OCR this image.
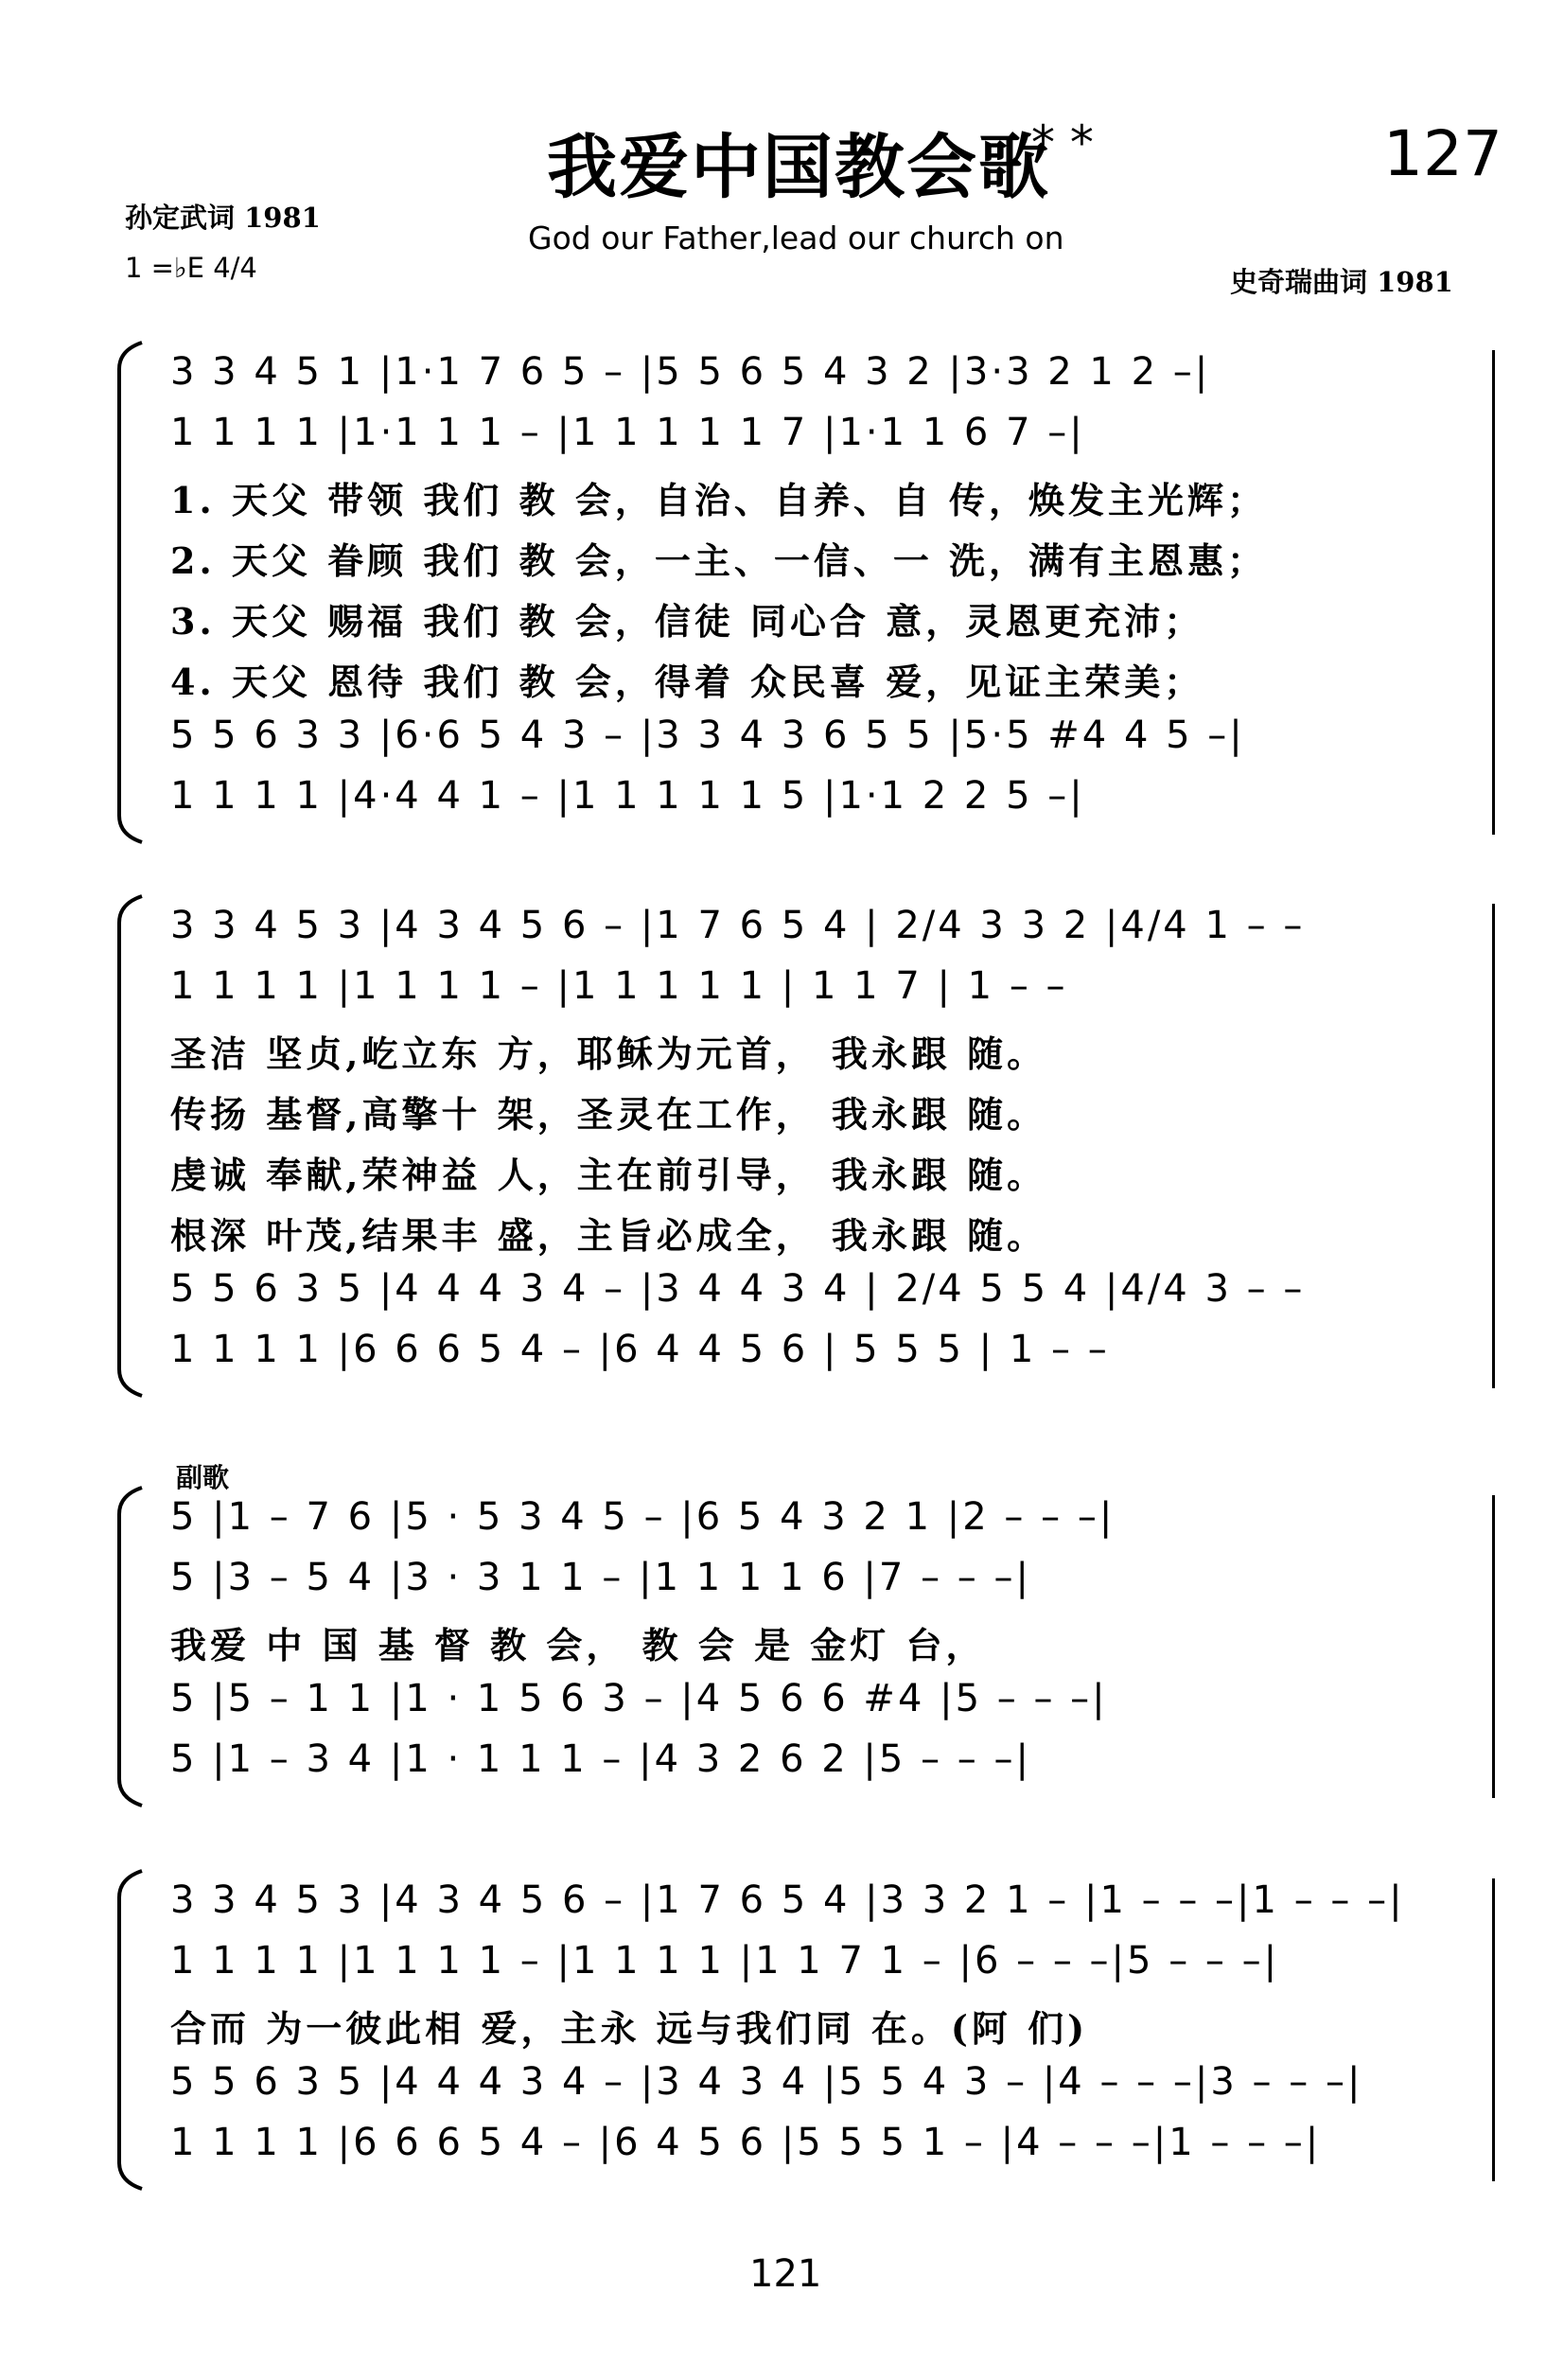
我爱中国教会歌
* *	127
God our Father,lead our church on
孙定武词 1981
1 =♭E 4/4	史奇瑞曲词 1981
副歌
121
3 3 4 5 1 |1·1 7 6 5 – |5 5 6 5 4 3 2 |3·3 2 1 2 –|
1 1 1 1 |1·1 1 1 – |1 1 1 1 1 7 |1·1 1 6 7 –|
1. 天父 带领 我们 教 会，自治、自养、自 传，焕发主光辉；
2. 天父 眷顾 我们 教 会，一主、一信、一 洗，满有主恩惠；
3. 天父 赐福 我们 教 会，信徒 同心合 意，灵恩更充沛；
4. 天父 恩待 我们 教 会，得着 众民喜 爱，见证主荣美；
5 5 6 3 3 |6·6 5 4 3 – |3 3 4 3 6 5 5 |5·5 #4 4 5 –|
1 1 1 1 |4·4 4 1 – |1 1 1 1 1 5 |1·1 2 2 5 –|
3 3 4 5 3 |4 3 4 5 6 – |1 7 6 5 4 | 2/4 3 3 2 |4/4 1 – –
1 1 1 1 |1 1 1 1 – |1 1 1 1 1 | 1 1 7 | 1 – –
圣洁 坚贞,屹立东 方，耶稣为元首， 我永跟 随。
传扬 基督,高擎十 架，圣灵在工作， 我永跟 随。
虔诚 奉献,荣神益 人，主在前引导， 我永跟 随。
根深 叶茂,结果丰 盛，主旨必成全， 我永跟 随。
5 5 6 3 5 |4 4 4 3 4 – |3 4 4 3 4 | 2/4 5 5 4 |4/4 3 – –
1 1 1 1 |6 6 6 5 4 – |6 4 4 5 6 | 5 5 5 | 1 – –
5 |1 – 7 6 |5 · 5 3 4 5 – |6 5 4 3 2 1 |2 – – –|
5 |3 – 5 4 |3 · 3 1 1 – |1 1 1 1 6 |7 – – –|
我爱 中 国 基 督 教 会， 教 会 是 金灯 台，
5 |5 – 1 1 |1 · 1 5 6 3 – |4 5 6 6 #4 |5 – – –|
5 |1 – 3 4 |1 · 1 1 1 – |4 3 2 6 2 |5 – – –|
3 3 4 5 3 |4 3 4 5 6 – |1 7 6 5 4 |3 3 2 1 – |1 – – –|1 – – –|
1 1 1 1 |1 1 1 1 – |1 1 1 1 |1 1 7 1 – |6 – – –|5 – – –|
合而 为一彼此相 爱，主永 远与我们同 在。(阿 们)
5 5 6 3 5 |4 4 4 3 4 – |3 4 3 4 |5 5 4 3 – |4 – – –|3 – – –|
1 1 1 1 |6 6 6 5 4 – |6 4 5 6 |5 5 5 1 – |4 – – –|1 – – –|
